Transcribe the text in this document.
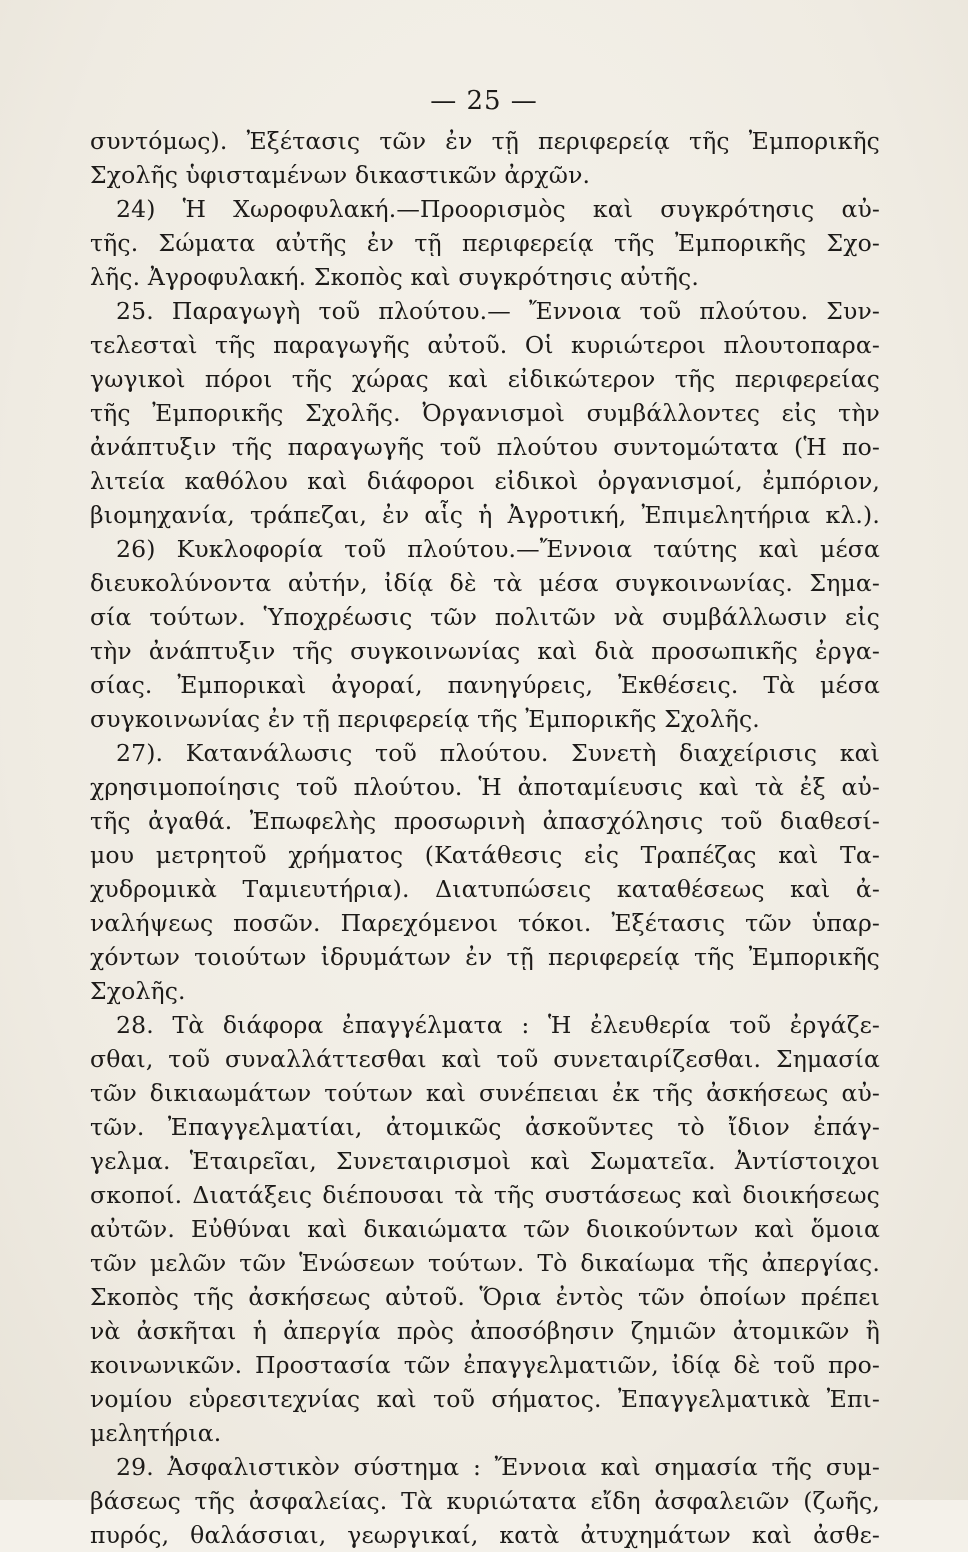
— 25 —
συντόμως). Ἐξέτασις τῶν ἐν τῇ περιφερείᾳ τῆς Ἐμπορικῆς
Σχολῆς ὑφισταμένων δικαστικῶν ἀρχῶν.
24) Ἡ Χωροφυλακή.—Προορισμὸς καὶ συγκρότησις αὐ-
τῆς. Σώματα αὐτῆς ἐν τῇ περιφερείᾳ τῆς Ἐμπορικῆς Σχο-
λῆς. Ἀγροφυλακή. Σκοπὸς καὶ συγκρότησις αὐτῆς.
25. Παραγωγὴ τοῦ πλούτου.— Ἔννοια τοῦ πλούτου. Συν-
τελεσταὶ τῆς παραγωγῆς αὐτοῦ. Οἱ κυριώτεροι πλουτοπαρα-
γωγικοὶ πόροι τῆς χώρας καὶ εἰδικώτερον τῆς περιφερείας
τῆς Ἐμπορικῆς Σχολῆς. Ὀργανισμοὶ συμβάλλοντες εἰς τὴν
ἀνάπτυξιν τῆς παραγωγῆς τοῦ πλούτου συντομώτατα (Ἡ πο-
λιτεία καθόλου καὶ διάφοροι εἰδικοὶ ὀργανισμοί, ἐμπόριον,
βιομηχανία, τράπεζαι, ἐν αἷς ἡ Ἀγροτική, Ἐπιμελητήρια κλ.).
26) Κυκλοφορία τοῦ πλούτου.—Ἔννοια ταύτης καὶ μέσα
διευκολύνοντα αὐτήν, ἰδίᾳ δὲ τὰ μέσα συγκοινωνίας. Σημα-
σία τούτων. Ὑποχρέωσις τῶν πολιτῶν νὰ συμβάλλωσιν εἰς
τὴν ἀνάπτυξιν τῆς συγκοινωνίας καὶ διὰ προσωπικῆς ἐργα-
σίας. Ἐμπορικαὶ ἀγοραί, πανηγύρεις, Ἐκθέσεις. Τὰ μέσα
συγκοινωνίας ἐν τῇ περιφερείᾳ τῆς Ἐμπορικῆς Σχολῆς.
27). Κατανάλωσις τοῦ πλούτου. Συνετὴ διαχείρισις καὶ
χρησιμοποίησις τοῦ πλούτου. Ἡ ἀποταμίευσις καὶ τὰ ἐξ αὐ-
τῆς ἀγαθά. Ἐπωφελὴς προσωρινὴ ἀπασχόλησις τοῦ διαθεσί-
μου μετρητοῦ χρήματος (Κατάθεσις εἰς Τραπέζας καὶ Τα-
χυδρομικὰ Ταμιευτήρια). Διατυπώσεις καταθέσεως καὶ ἀ-
ναλήψεως ποσῶν. Παρεχόμενοι τόκοι. Ἐξέτασις τῶν ὑπαρ-
χόντων τοιούτων ἱδρυμάτων ἐν τῇ περιφερείᾳ τῆς Ἐμπορικῆς
Σχολῆς.
28. Τὰ διάφορα ἐπαγγέλματα : Ἡ ἐλευθερία τοῦ ἐργάζε-
σθαι, τοῦ συναλλάττεσθαι καὶ τοῦ συνεταιρίζεσθαι. Σημασία
τῶν δικιαωμάτων τούτων καὶ συνέπειαι ἐκ τῆς ἀσκήσεως αὐ-
τῶν. Ἐπαγγελματίαι, ἀτομικῶς ἀσκοῦντες τὸ ἴδιον ἐπάγ-
γελμα. Ἑταιρεῖαι, Συνεταιρισμοὶ καὶ Σωματεῖα. Ἀντίστοιχοι
σκοποί. Διατάξεις διέπουσαι τὰ τῆς συστάσεως καὶ διοικήσεως
αὐτῶν. Εὐθύναι καὶ δικαιώματα τῶν διοικούντων καὶ ὅμοια
τῶν μελῶν τῶν Ἑνώσεων τούτων. Τὸ δικαίωμα τῆς ἀπεργίας.
Σκοπὸς τῆς ἀσκήσεως αὐτοῦ. Ὅρια ἐντὸς τῶν ὁποίων πρέπει
νὰ ἀσκῆται ἡ ἀπεργία πρὸς ἀποσόβησιν ζημιῶν ἀτομικῶν ἢ
κοινωνικῶν. Προστασία τῶν ἐπαγγελματιῶν, ἰδίᾳ δὲ τοῦ προ-
νομίου εὑρεσιτεχνίας καὶ τοῦ σήματος. Ἐπαγγελματικὰ Ἐπι-
μελητήρια.
29. Ἀσφαλιστικὸν σύστημα : Ἔννοια καὶ σημασία τῆς συμ-
βάσεως τῆς ἀσφαλείας. Τὰ κυριώτατα εἴδη ἀσφαλειῶν (ζωῆς,
πυρός, θαλάσσιαι, γεωργικαί, κατὰ ἀτυχημάτων καὶ ἀσθε-
